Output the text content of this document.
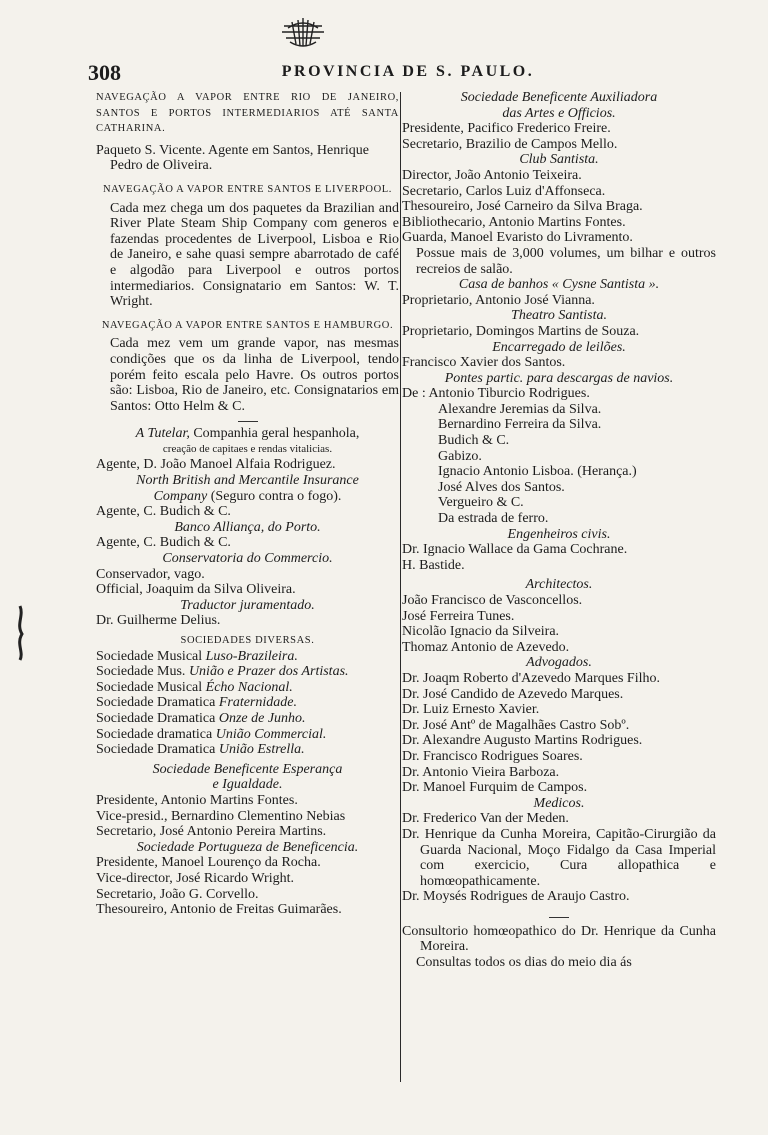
308	PROVINCIA DE S. PAULO.

NAVEGAÇÃO A VAPOR ENTRE RIO DE JANEIRO, SANTOS E PORTOS INTERMEDIARIOS ATÉ SANTA CATHARINA.

Paqueto S. Vicente. Agente em Santos, Henrique Pedro de Oliveira.

NAVEGAÇÃO A VAPOR ENTRE SANTOS E LIVERPOOL.

Cada mez chega um dos paquetes da Brazilian and River Plate Steam Ship Company com generos e fazendas procedentes de Liverpool, Lisboa e Rio de Janeiro, e sahe quasi sempre abarrotado de café e algodão para Liverpool e outros portos intermediarios. Consignatario em Santos: W. T. Wright.

NAVEGAÇÃO A VAPOR ENTRE SANTOS E HAMBURGO.

Cada mez vem um grande vapor, nas mesmas condições que os da linha de Liverpool, tendo porém feito escala pelo Havre. Os outros portos são: Lisboa, Rio de Janeiro, etc. Consignatarios em Santos: Otto Helm & C.

A Tutelar, Companhia geral hespanhola,

creação de capitaes e rendas vitalicias.

Agente, D. João Manoel Alfaia Rodriguez.

North British and Mercantile Insurance

Company (Seguro contra o fogo).

Agente, C. Budich & C.

Banco Alliança, do Porto.

Agente, C. Budich & C.

Conservatoria do Commercio.

Conservador, vago.

Official, Joaquim da Silva Oliveira.

Traductor juramentado.

Dr. Guilherme Delius.

SOCIEDADES DIVERSAS.

Sociedade Musical Luso-Brazileira.

Sociedade Mus. União e Prazer dos Artistas.

Sociedade Musical Écho Nacional.

Sociedade Dramatica Fraternidade.

Sociedade Dramatica Onze de Junho.

Sociedade dramatica União Commercial.

Sociedade Dramatica União Estrella.

Sociedade Beneficente Esperança

e Igualdade.

Presidente, Antonio Martins Fontes.

Vice-presid., Bernardino Clementino Nebias

Secretario, José Antonio Pereira Martins.

Sociedade Portugueza de Beneficencia.

Presidente, Manoel Lourenço da Rocha.

Vice-director, José Ricardo Wright.

Secretario, João G. Corvello.

Thesoureiro, Antonio de Freitas Guimarães.

Sociedade Beneficente Auxiliadora

das Artes e Officios.

Presidente, Pacifico Frederico Freire.

Secretario, Brazilio de Campos Mello.

Club Santista.

Director, João Antonio Teixeira.

Secretario, Carlos Luiz d'Affonseca.

Thesoureiro, José Carneiro da Silva Braga.

Bibliothecario, Antonio Martins Fontes.

Guarda, Manoel Evaristo do Livramento.

Possue mais de 3,000 volumes, um bilhar e outros recreios de salão.

Casa de banhos « Cysne Santista ».

Proprietario, Antonio José Vianna.

Theatro Santista.

Proprietario, Domingos Martins de Souza.

Encarregado de leilões.

Francisco Xavier dos Santos.

Pontes partic. para descargas de navios.

De : Antonio Tiburcio Rodrigues.

Alexandre Jeremias da Silva.

Bernardino Ferreira da Silva.

Budich & C.

Gabizo.

Ignacio Antonio Lisboa. (Herança.)

José Alves dos Santos.

Vergueiro & C.

Da estrada de ferro.

Engenheiros civis.

Dr. Ignacio Wallace da Gama Cochrane.

H. Bastide.

Architectos.

João Francisco de Vasconcellos.

José Ferreira Tunes.

Nicolão Ignacio da Silveira.

Thomaz Antonio de Azevedo.

Advogados.

Dr. Joaqm Roberto d'Azevedo Marques Filho.

Dr. José Candido de Azevedo Marques.

Dr. Luiz Ernesto Xavier.

Dr. José Antº de Magalhães Castro Sobº.

Dr. Alexandre Augusto Martins Rodrigues.

Dr. Francisco Rodrigues Soares.

Dr. Antonio Vieira Barboza.

Dr. Manoel Furquim de Campos.

Medicos.

Dr. Frederico Van der Meden.

Dr. Henrique da Cunha Moreira, Capitão-Cirurgião da Guarda Nacional, Moço Fidalgo da Casa Imperial com exercicio, Cura allopathica e homœopathicamente.

Dr. Moysés Rodrigues de Araujo Castro.

Consultorio homœopathico do Dr. Henrique da Cunha Moreira.

Consultas todos os dias do meio dia ás
